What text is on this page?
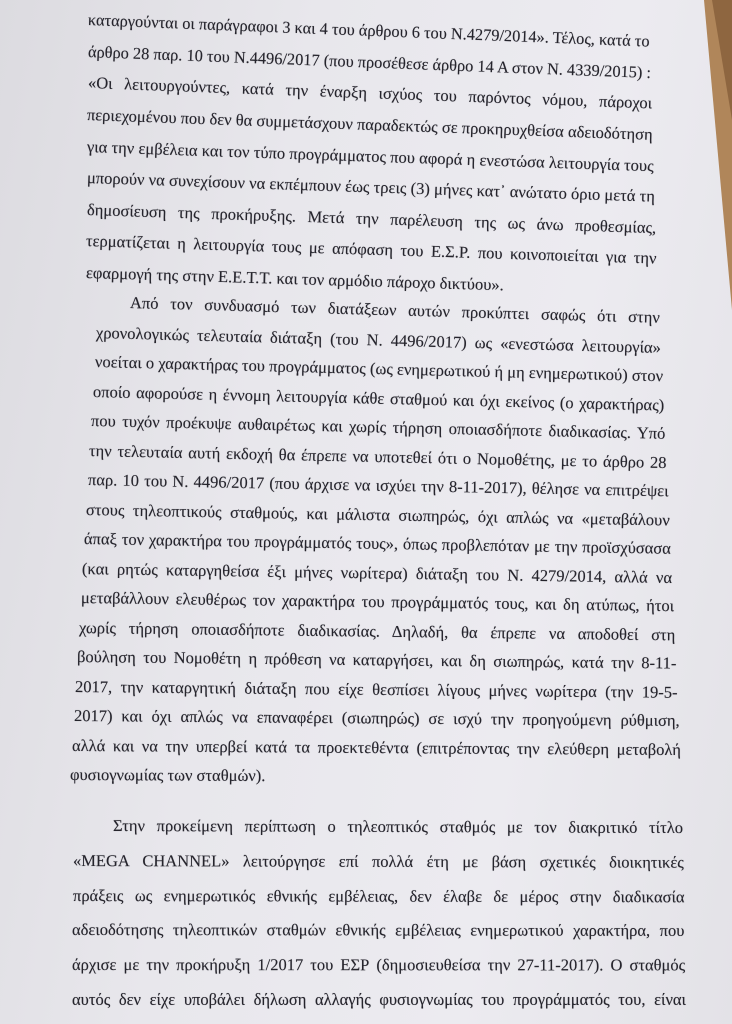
καταργούνται οι παράγραφοι 3 και 4 του άρθρου 6 του Ν.4279/2014». Τέλος, κατά το
άρθρο 28 παρ. 10 του Ν.4496/2017 (που προσέθεσε άρθρο 14 Α στον Ν. 4339/2015) :
«Οι λειτουργούντες, κατά την έναρξη ισχύος του παρόντος νόμου, πάροχοι
περιεχομένου που δεν θα συμμετάσχουν παραδεκτώς σε προκηρυχθείσα αδειοδότηση
για την εμβέλεια και τον τύπο προγράμματος που αφορά η ενεστώσα λειτουργία τους
μπορούν να συνεχίσουν να εκπέμπουν έως τρεις (3) μήνες κατ᾽ ανώτατο όριο μετά τη
δημοσίευση της προκήρυξης. Μετά την παρέλευση της ως άνω προθεσμίας,
τερματίζεται η λειτουργία τους με απόφαση του Ε.Σ.Ρ. που κοινοποιείται για την
εφαρμογή της στην Ε.Ε.Τ.Τ. και τον αρμόδιο πάροχο δικτύου».
Από τον συνδυασμό των διατάξεων αυτών προκύπτει σαφώς ότι στην
χρονολογικώς τελευταία διάταξη (του Ν. 4496/2017) ως «ενεστώσα λειτουργία»
νοείται ο χαρακτήρας του προγράμματος (ως ενημερωτικού ή μη ενημερωτικού) στον
οποίο αφορούσε η έννομη λειτουργία κάθε σταθμού και όχι εκείνος (ο χαρακτήρας)
που τυχόν προέκυψε αυθαιρέτως και χωρίς τήρηση οποιασδήποτε διαδικασίας. Υπό
την τελευταία αυτή εκδοχή θα έπρεπε να υποτεθεί ότι ο Νομοθέτης, με το άρθρο 28
παρ. 10 του Ν. 4496/2017 (που άρχισε να ισχύει την 8-11-2017), θέλησε να επιτρέψει
στους τηλεοπτικούς σταθμούς, και μάλιστα σιωπηρώς, όχι απλώς να «μεταβάλουν
άπαξ τον χαρακτήρα του προγράμματός τους», όπως προβλεπόταν με την προϊσχύσασα
(και ρητώς καταργηθείσα έξι μήνες νωρίτερα) διάταξη του Ν. 4279/2014, αλλά να
μεταβάλλουν ελευθέρως τον χαρακτήρα του προγράμματός τους, και δη ατύπως, ήτοι
χωρίς τήρηση οποιασδήποτε διαδικασίας. Δηλαδή, θα έπρεπε να αποδοθεί στη
βούληση του Νομοθέτη η πρόθεση να καταργήσει, και δη σιωπηρώς, κατά την 8-11-
2017, την καταργητική διάταξη που είχε θεσπίσει λίγους μήνες νωρίτερα (την 19-5-
2017) και όχι απλώς να επαναφέρει (σιωπηρώς) σε ισχύ την προηγούμενη ρύθμιση,
αλλά και να την υπερβεί κατά τα προεκτεθέντα (επιτρέποντας την ελεύθερη μεταβολή
φυσιογνωμίας των σταθμών).
Στην προκείμενη περίπτωση ο τηλεοπτικός σταθμός με τον διακριτικό τίτλο
«MEGA CHANNEL» λειτούργησε επί πολλά έτη με βάση σχετικές διοικητικές
πράξεις ως ενημερωτικός εθνικής εμβέλειας, δεν έλαβε δε μέρος στην διαδικασία
αδειοδότησης τηλεοπτικών σταθμών εθνικής εμβέλειας ενημερωτικού χαρακτήρα, που
άρχισε με την προκήρυξη 1/2017 του ΕΣΡ (δημοσιευθείσα την 27-11-2017). Ο σταθμός
αυτός δεν είχε υποβάλει δήλωση αλλαγής φυσιογνωμίας του προγράμματός του, είναι
